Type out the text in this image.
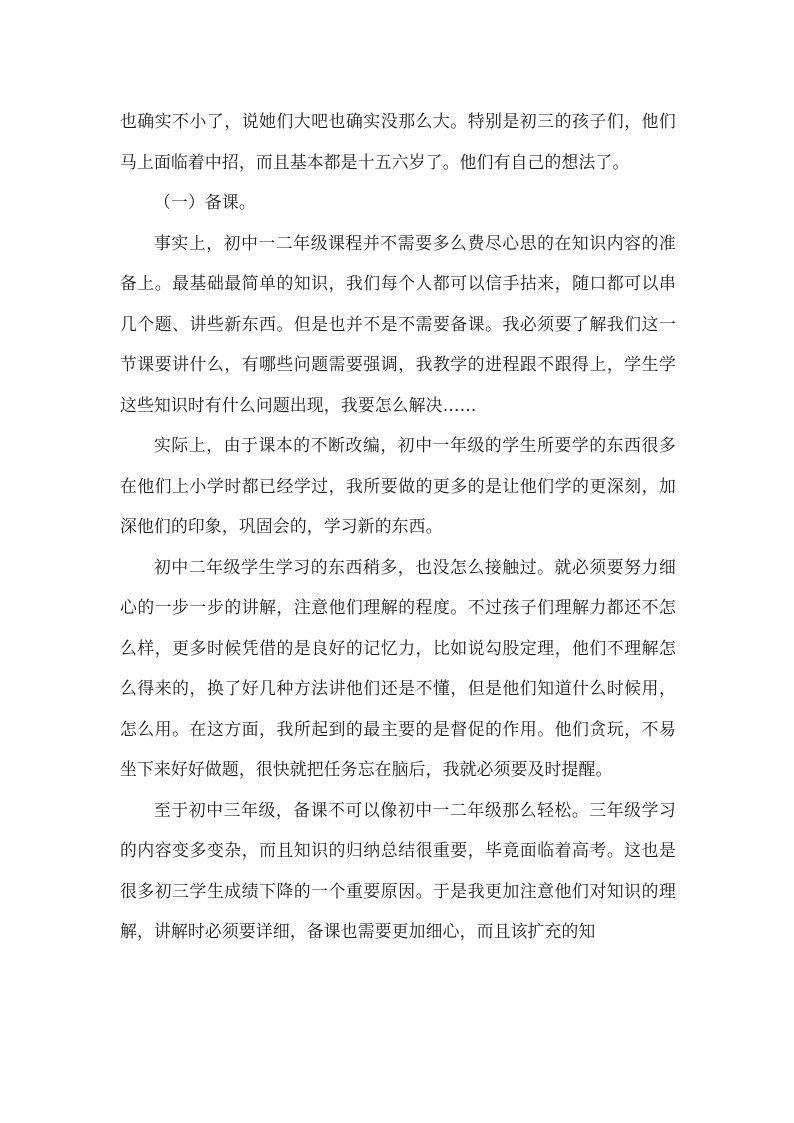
也确实不小了，说她们大吧也确实没那么大。特别是初三的孩子们，他们马上面临着中招，而且基本都是十五六岁了。他们有自己的想法了。

（一）备课。

事实上，初中一二年级课程并不需要多么费尽心思的在知识内容的准备上。最基础最简单的知识，我们每个人都可以信手拈来，随口都可以串几个题、讲些新东西。但是也并不是不需要备课。我必须要了解我们这一节课要讲什么，有哪些问题需要强调，我教学的进程跟不跟得上，学生学这些知识时有什么问题出现，我要怎么解决……

实际上，由于课本的不断改编，初中一年级的学生所要学的东西很多在他们上小学时都已经学过，我所要做的更多的是让他们学的更深刻，加深他们的印象，巩固会的，学习新的东西。

初中二年级学生学习的东西稍多，也没怎么接触过。就必须要努力细心的一步一步的讲解，注意他们理解的程度。不过孩子们理解力都还不怎么样，更多时候凭借的是良好的记忆力，比如说勾股定理，他们不理解怎么得来的，换了好几种方法讲他们还是不懂，但是他们知道什么时候用，怎么用。在这方面，我所起到的最主要的是督促的作用。他们贪玩，不易坐下来好好做题，很快就把任务忘在脑后，我就必须要及时提醒。

至于初中三年级，备课不可以像初中一二年级那么轻松。三年级学习的内容变多变杂，而且知识的归纳总结很重要，毕竟面临着高考。这也是很多初三学生成绩下降的一个重要原因。于是我更加注意他们对知识的理解，讲解时必须要详细，备课也需要更加细心，而且该扩充的知
